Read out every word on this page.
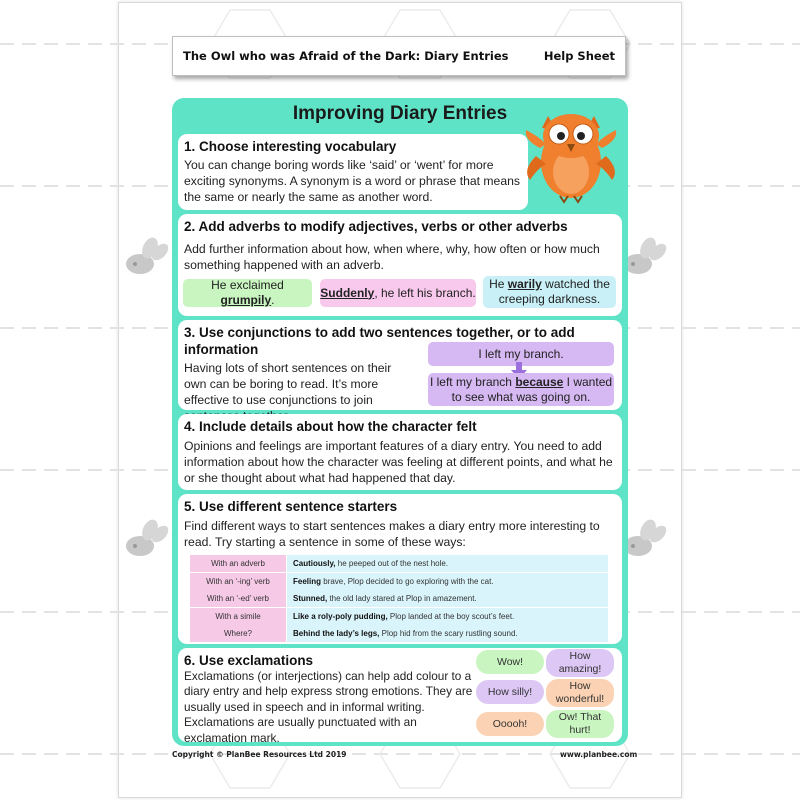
The Owl who was Afraid of the Dark: Diary Entries	Help Sheet
Improving Diary Entries
1. Choose interesting vocabulary

You can change boring words like ‘said’ or ‘went’ for more exciting synonyms. A synonym is a word or phrase that means the same or nearly the same as another word.

2. Add adverbs to modify adjectives, verbs or other adverbs

Add further information about how, when where, why, how often or how much something happened with an adverb.

He exclaimed grumpily.
Suddenly, he left his branch.
He warily watched the creeping darkness.
3. Use conjunctions to add two sentences together, or to add information

Having lots of short sentences on their own can be boring to read. It’s more effective to use conjunctions to join

I left my branch.
I left my branch because I wanted to see what was going on.
4. Include details about how the character felt

Opinions and feelings are important features of a diary entry. You need to add information about how the character was feeling at different points, and what he or she thought about what had happened that day.

5. Use different sentence starters

Find different ways to start sentences makes a diary entry more interesting to read. Try starting a sentence in some of these ways:

With an adverb	Cautiously, he peeped out of the nest hole.
With an ‘-ing’ verb	Feeling brave, Plop decided to go exploring with the cat.
With an ‘-ed’ verb	Stunned, the old lady stared at Plop in amazement.
With a simile	Like a roly-poly pudding, Plop landed at the boy scout’s feet.
Where?	Behind the lady’s legs, Plop hid from the scary rustling sound.
6. Use exclamations

Exclamations (or interjections) can help add colour to a diary entry and help express strong emotions. They are usually used in speech and in informal writing. Exclamations are usually punctuated with an exclamation mark.

Wow!	How amazing!
How silly!	How wonderful!
Ooooh!
Ow! That hurt!
Copyright © PlanBee Resources Ltd 2019	www.planbee.com
